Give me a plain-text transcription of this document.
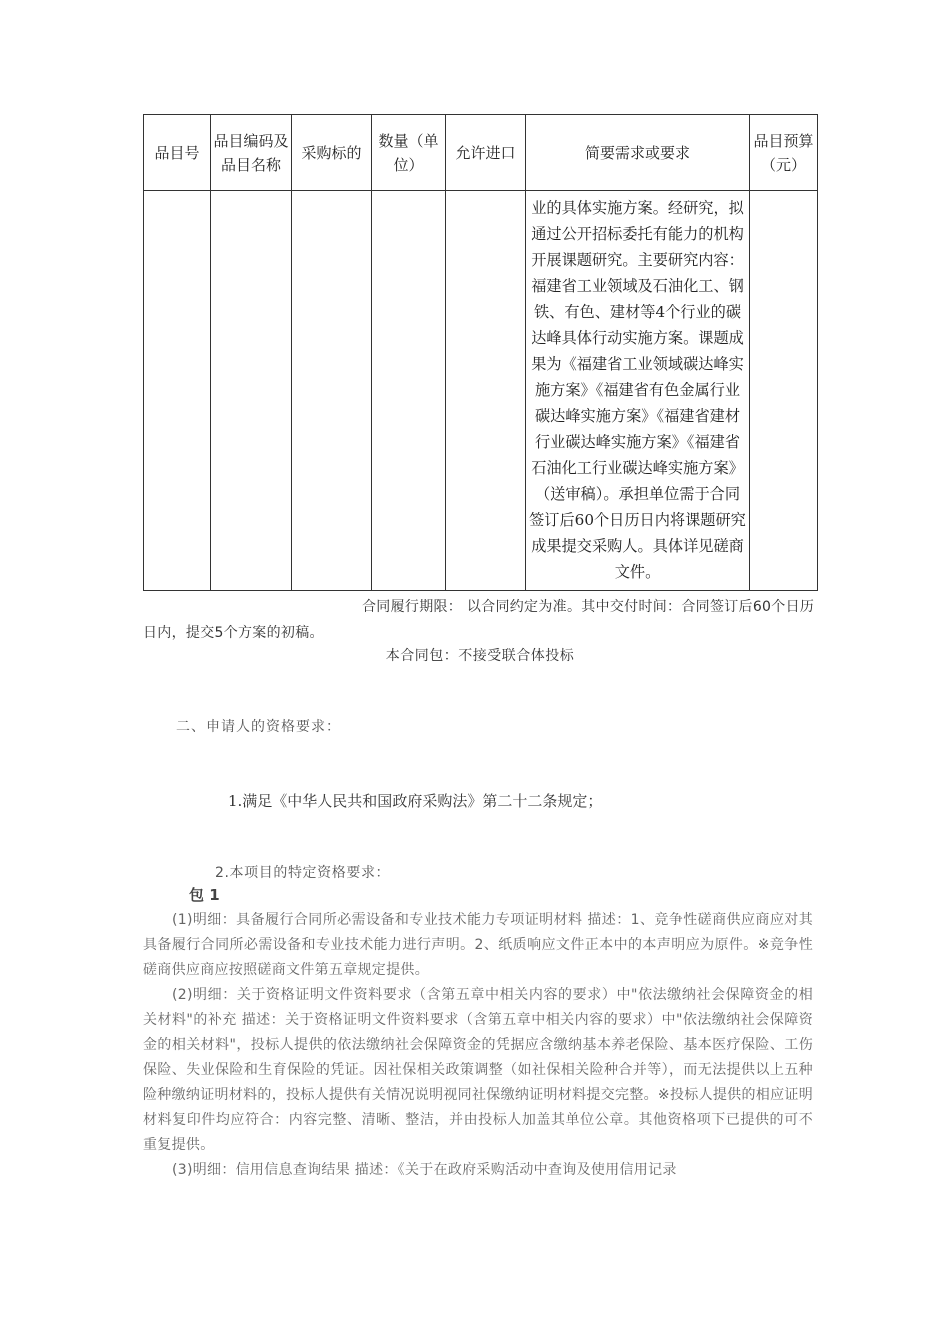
品目号	品目编码及品目名称	采购标的	数量（单位）	允许进口	简要需求或要求	品目预算（元）
					业的具体实施方案。经研究，拟通过公开招标委托有能力的机构开展课题研究。主要研究内容：福建省工业领域及石油化工、钢铁、有色、建材等4个行业的碳达峰具体行动实施方案。课题成果为《福建省工业领域碳达峰实施方案》《福建省有色金属行业碳达峰实施方案》《福建省建材行业碳达峰实施方案》《福建省石油化工行业碳达峰实施方案》（送审稿）。承担单位需于合同签订后60个日历日内将课题研究成果提交采购人。具体详见磋商文件。	
合同履行期限： 以合同约定为准。其中交付时间：合同签订后60个日历日内，提交5个方案的初稿。
本合同包：不接受联合体投标
二、申请人的资格要求：
1.满足《中华人民共和国政府采购法》第二十二条规定；
2.本项目的特定资格要求：
包 1

(1)明细：具备履行合同所必需设备和专业技术能力专项证明材料 描述：1、竞争性磋商供应商应对其具备履行合同所必需设备和专业技术能力进行声明。2、纸质响应文件正本中的本声明应为原件。※竞争性磋商供应商应按照磋商文件第五章规定提供。

(2)明细：关于资格证明文件资料要求（含第五章中相关内容的要求）中"依法缴纳社会保障资金的相关材料"的补充 描述：关于资格证明文件资料要求（含第五章中相关内容的要求）中"依法缴纳社会保障资金的相关材料"，投标人提供的依法缴纳社会保障资金的凭据应含缴纳基本养老保险、基本医疗保险、工伤保险、失业保险和生育保险的凭证。因社保相关政策调整（如社保相关险种合并等），而无法提供以上五种险种缴纳证明材料的，投标人提供有关情况说明视同社保缴纳证明材料提交完整。※投标人提供的相应证明材料复印件均应符合：内容完整、清晰、整洁，并由投标人加盖其单位公章。其他资格项下已提供的可不重复提供。

(3)明细：信用信息查询结果 描述：《关于在政府采购活动中查询及使用信用记录
